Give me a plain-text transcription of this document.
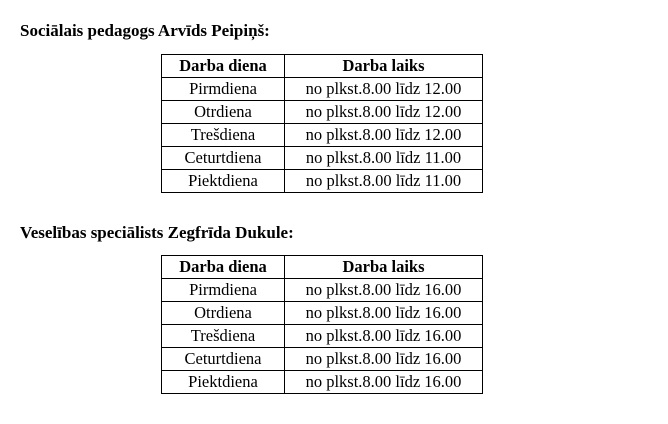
Sociālais pedagogs Arvīds Peipiņš:
Darba diena	Darba laiks
Pirmdiena	no plkst.8.00 līdz 12.00
Otrdiena	no plkst.8.00 līdz 12.00
Trešdiena	no plkst.8.00 līdz 12.00
Ceturtdiena	no plkst.8.00 līdz 11.00
Piektdiena	no plkst.8.00 līdz 11.00
Veselības speciālists Zegfrīda Dukule:
Darba diena	Darba laiks
Pirmdiena	no plkst.8.00 līdz 16.00
Otrdiena	no plkst.8.00 līdz 16.00
Trešdiena	no plkst.8.00 līdz 16.00
Ceturtdiena	no plkst.8.00 līdz 16.00
Piektdiena	no plkst.8.00 līdz 16.00
